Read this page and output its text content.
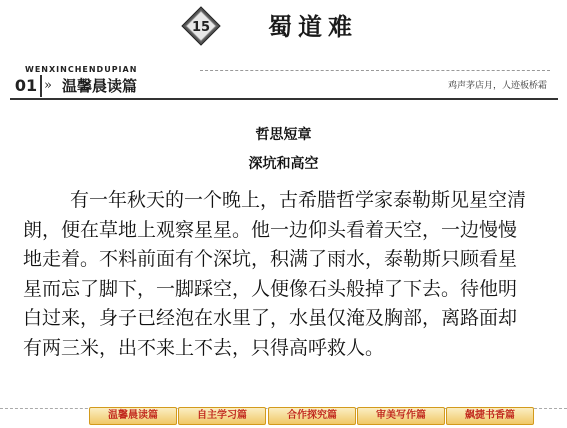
15 蜀道难
WENXINCHENDUPIAN
01 » 温馨晨读篇	鸡声茅店月，人迹板桥霜
哲思短章
深坑和高空
有一年秋天的一个晚上，古希腊哲学家泰勒斯见星空清
朗，便在草地上观察星星。他一边仰头看着天空，一边慢慢
地走着。不料前面有个深坑，积满了雨水，泰勒斯只顾看星
星而忘了脚下，一脚踩空，人便像石头般掉了下去。待他明
白过来，身子已经泡在水里了，水虽仅淹及胸部，离路面却
有两三米，出不来上不去，只得高呼救人。
温馨晨读篇	自主学习篇	合作探究篇	审美写作篇	飙捷书香篇
